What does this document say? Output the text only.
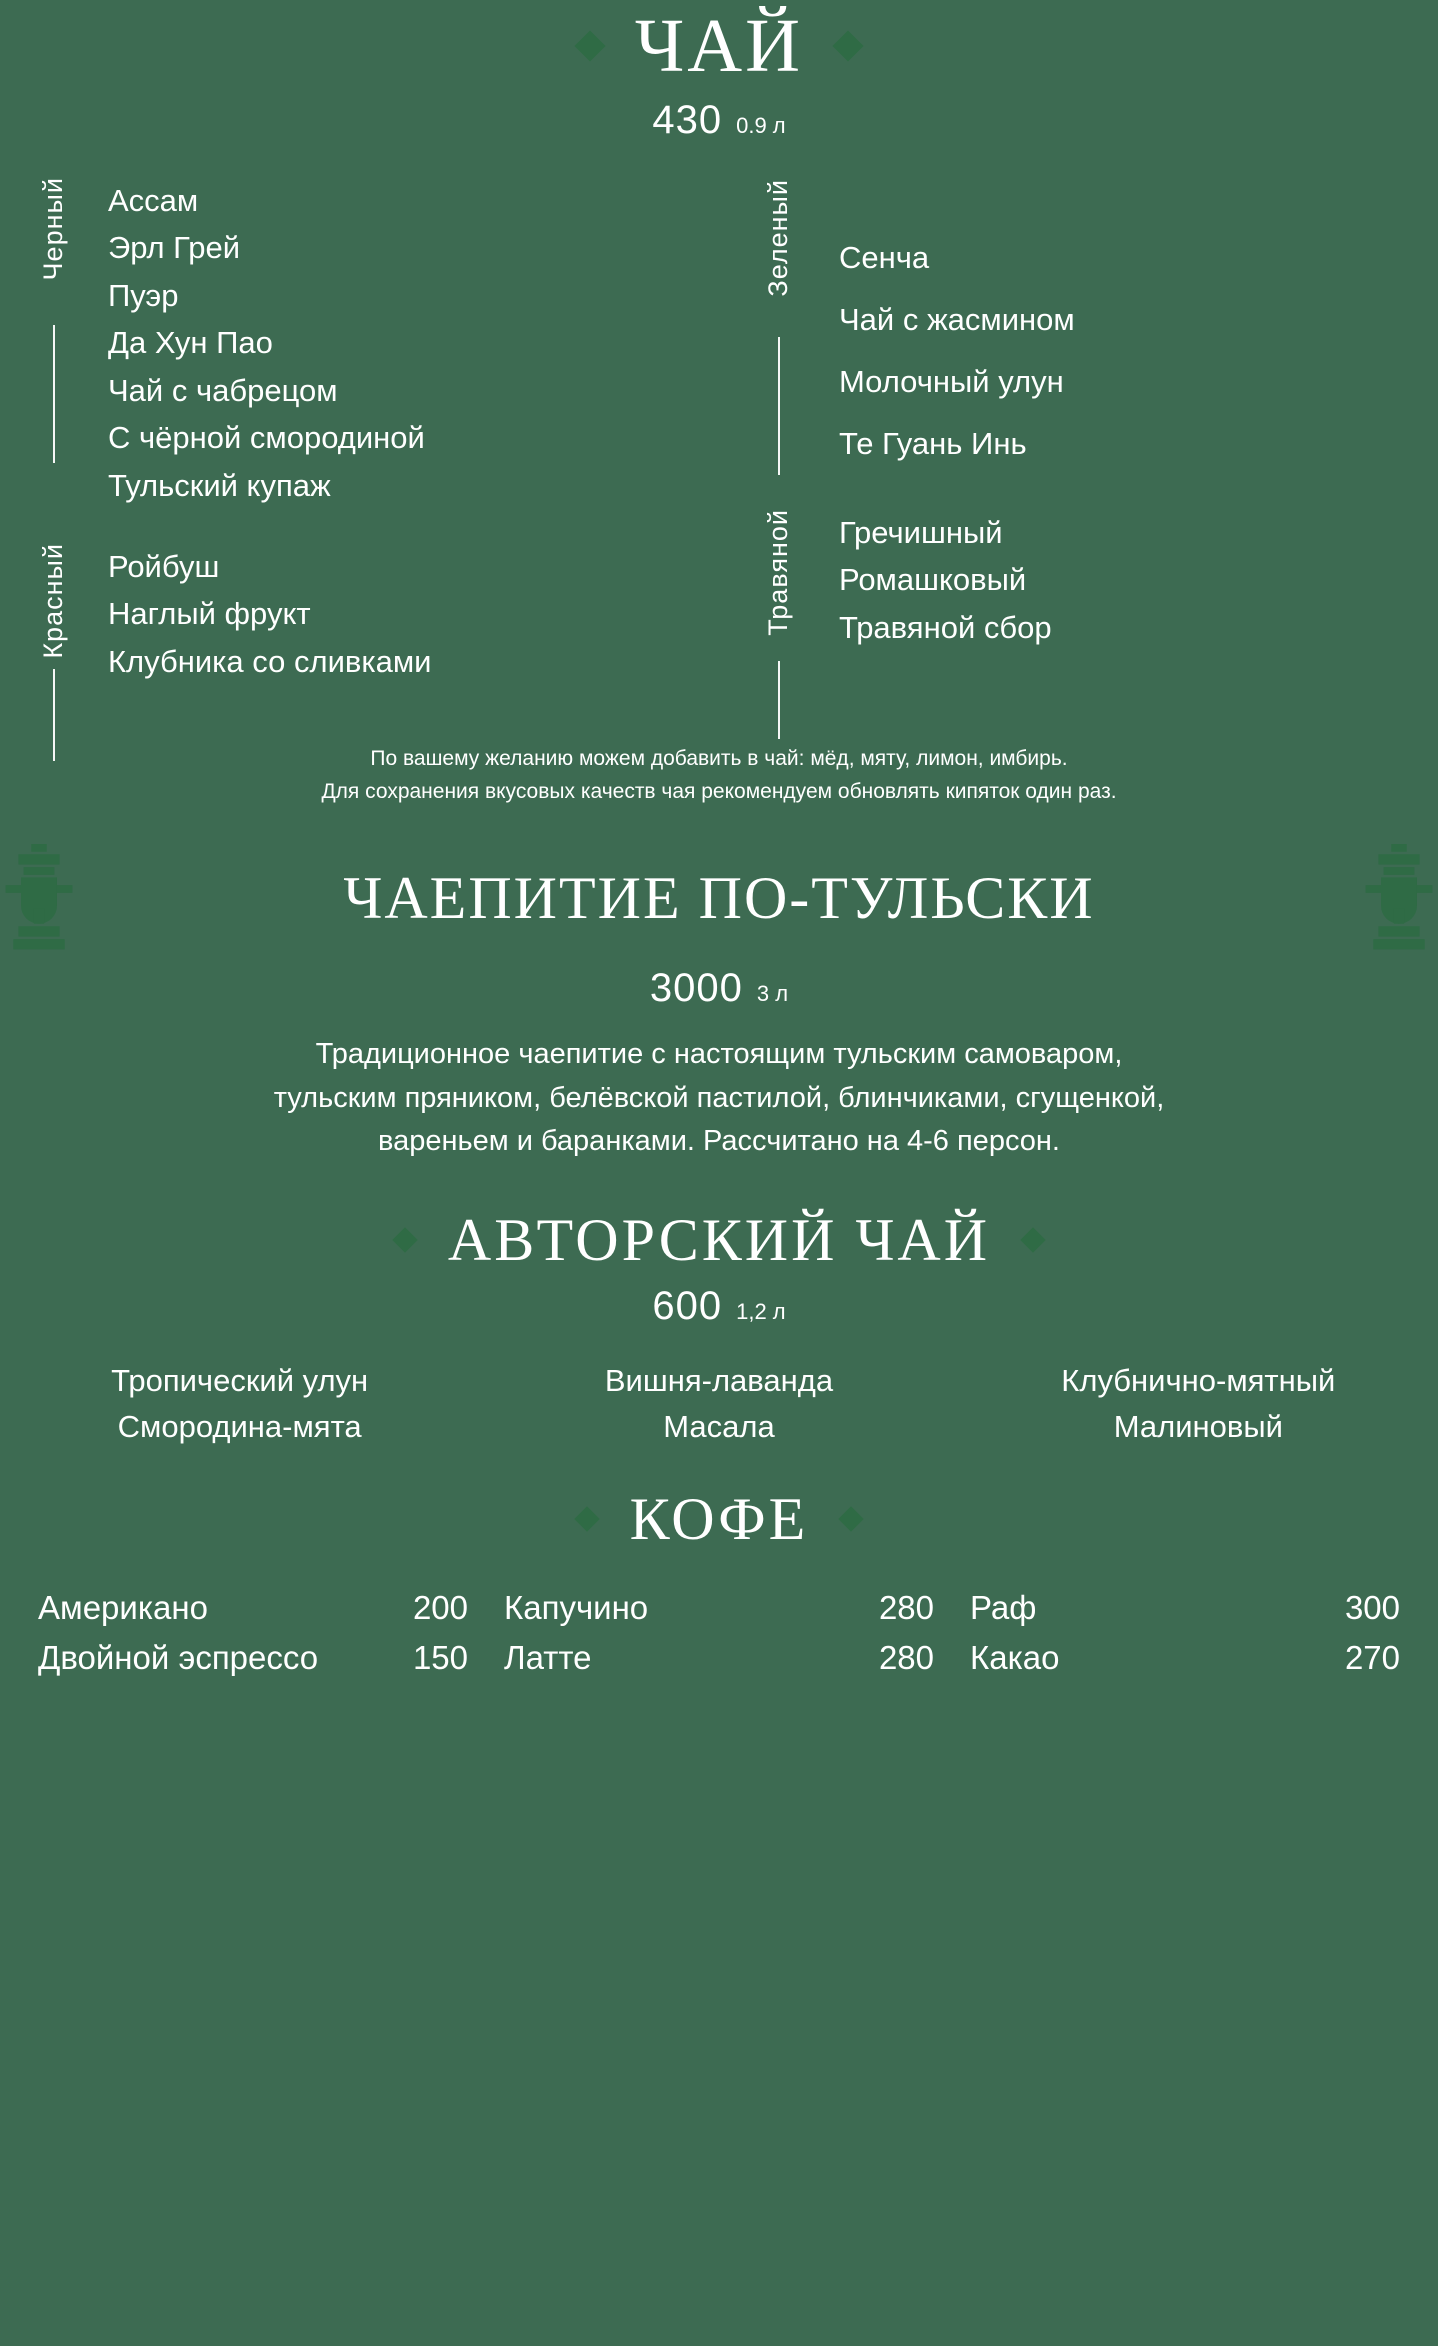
ЧАЙ
430 0.9 л
Черный Ассам
Эрл Грей
Пуэр
Да Хун Пао
Чай с чабрецом
С чёрной смородиной
Тульский купаж
Красный Ройбуш
Наглый фрукт
Клубника со сливками
Зеленый Сенча
Чай с жасмином
Молочный улун
Те Гуань Инь
Травяной Гречишный
Ромашковый
Травяной сбор
По вашему желанию можем добавить в чай: мёд, мяту, лимон, имбирь.
Для сохранения вкусовых качеств чая рекомендуем обновлять кипяток один раз.
ЧАЕПИТИЕ ПО-ТУЛЬСКИ
3000 3 л
Традиционное чаепитие с настоящим тульским самоваром,
тульским пряником, белёвской пастилой, блинчиками, сгущенкой,
вареньем и баранками. Рассчитано на 4-6 персон.
АВТОРСКИЙ ЧАЙ
600 1,2 л
Тропический улун	Вишня-лаванда	Клубнично-мятный
Смородина-мята	Масала	Малиновый
КОФЕ
Американо	200 Капучино	280 Раф	300
Двойной эспрессо	150 Латте	280 Какао	270
